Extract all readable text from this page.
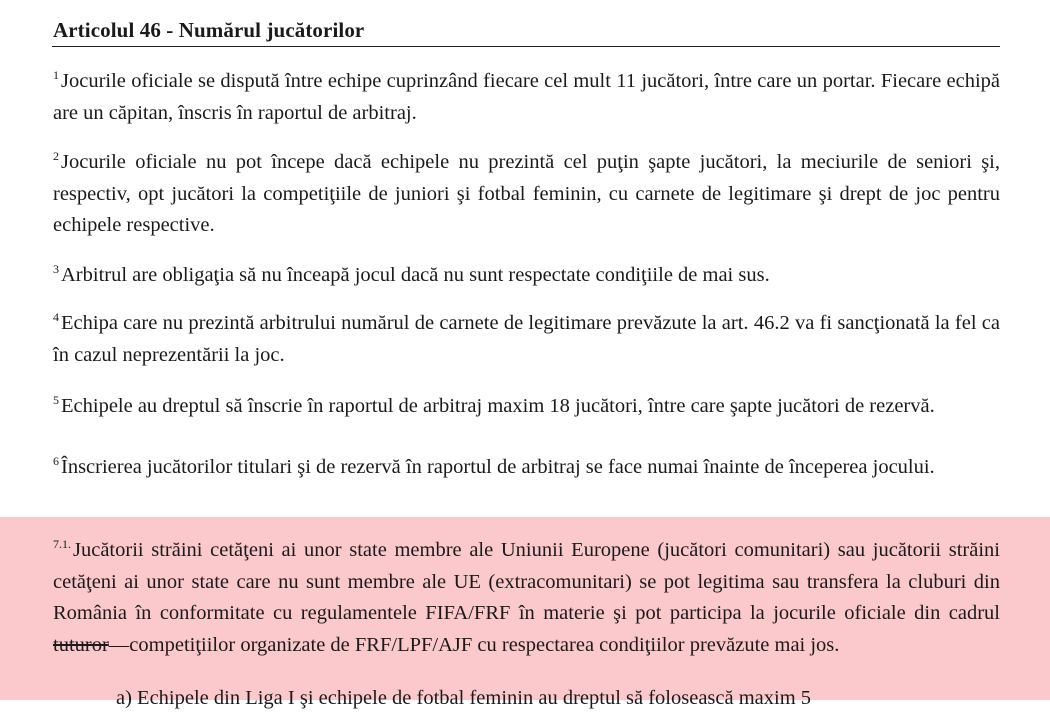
Articolul 46 - Numărul jucătorilor
$^1$Jocurile oficiale se dispută între echipe cuprinzând fiecare cel mult 11 jucători, între care un portar. Fiecare echipă are un căpitan, înscris în raportul de arbitraj.
$^2$Jocurile oficiale nu pot începe dacă echipele nu prezintă cel puţin şapte jucători, la meciurile de seniori şi, respectiv, opt jucători la competiţiile de juniori şi fotbal feminin, cu carnete de legitimare şi drept de joc pentru echipele respective.
$^3$Arbitrul are obligaţia să nu înceapă jocul dacă nu sunt respectate condiţiile de mai sus.
$^4$Echipa care nu prezintă arbitrului numărul de carnete de legitimare prevăzute la art. 46.2 va fi sancţionată la fel ca în cazul neprezentării la joc.
$^5$Echipele au dreptul să înscrie în raportul de arbitraj maxim 18 jucători, între care şapte jucători de rezervă.
$^6$Înscrierea jucătorilor titulari şi de rezervă în raportul de arbitraj se face numai înainte de începerea jocului.
$^{7.1.}$Jucătorii străini cetăţeni ai unor state membre ale Uniunii Europene (jucători comunitari) sau jucătorii străini cetăţeni ai unor state care nu sunt membre ale UE (extracomunitari) se pot legitima sau transfera la cluburi din România în conformitate cu regulamentele FIFA/FRF în materie şi pot participa la jocurile oficiale din cadrul tuturor—competiţiilor organizate de FRF/LPF/AJF cu respectarea condiţiilor prevăzute mai jos.
a) Echipele din Liga I şi echipele de fotbal feminin au dreptul să folosească maxim 5
